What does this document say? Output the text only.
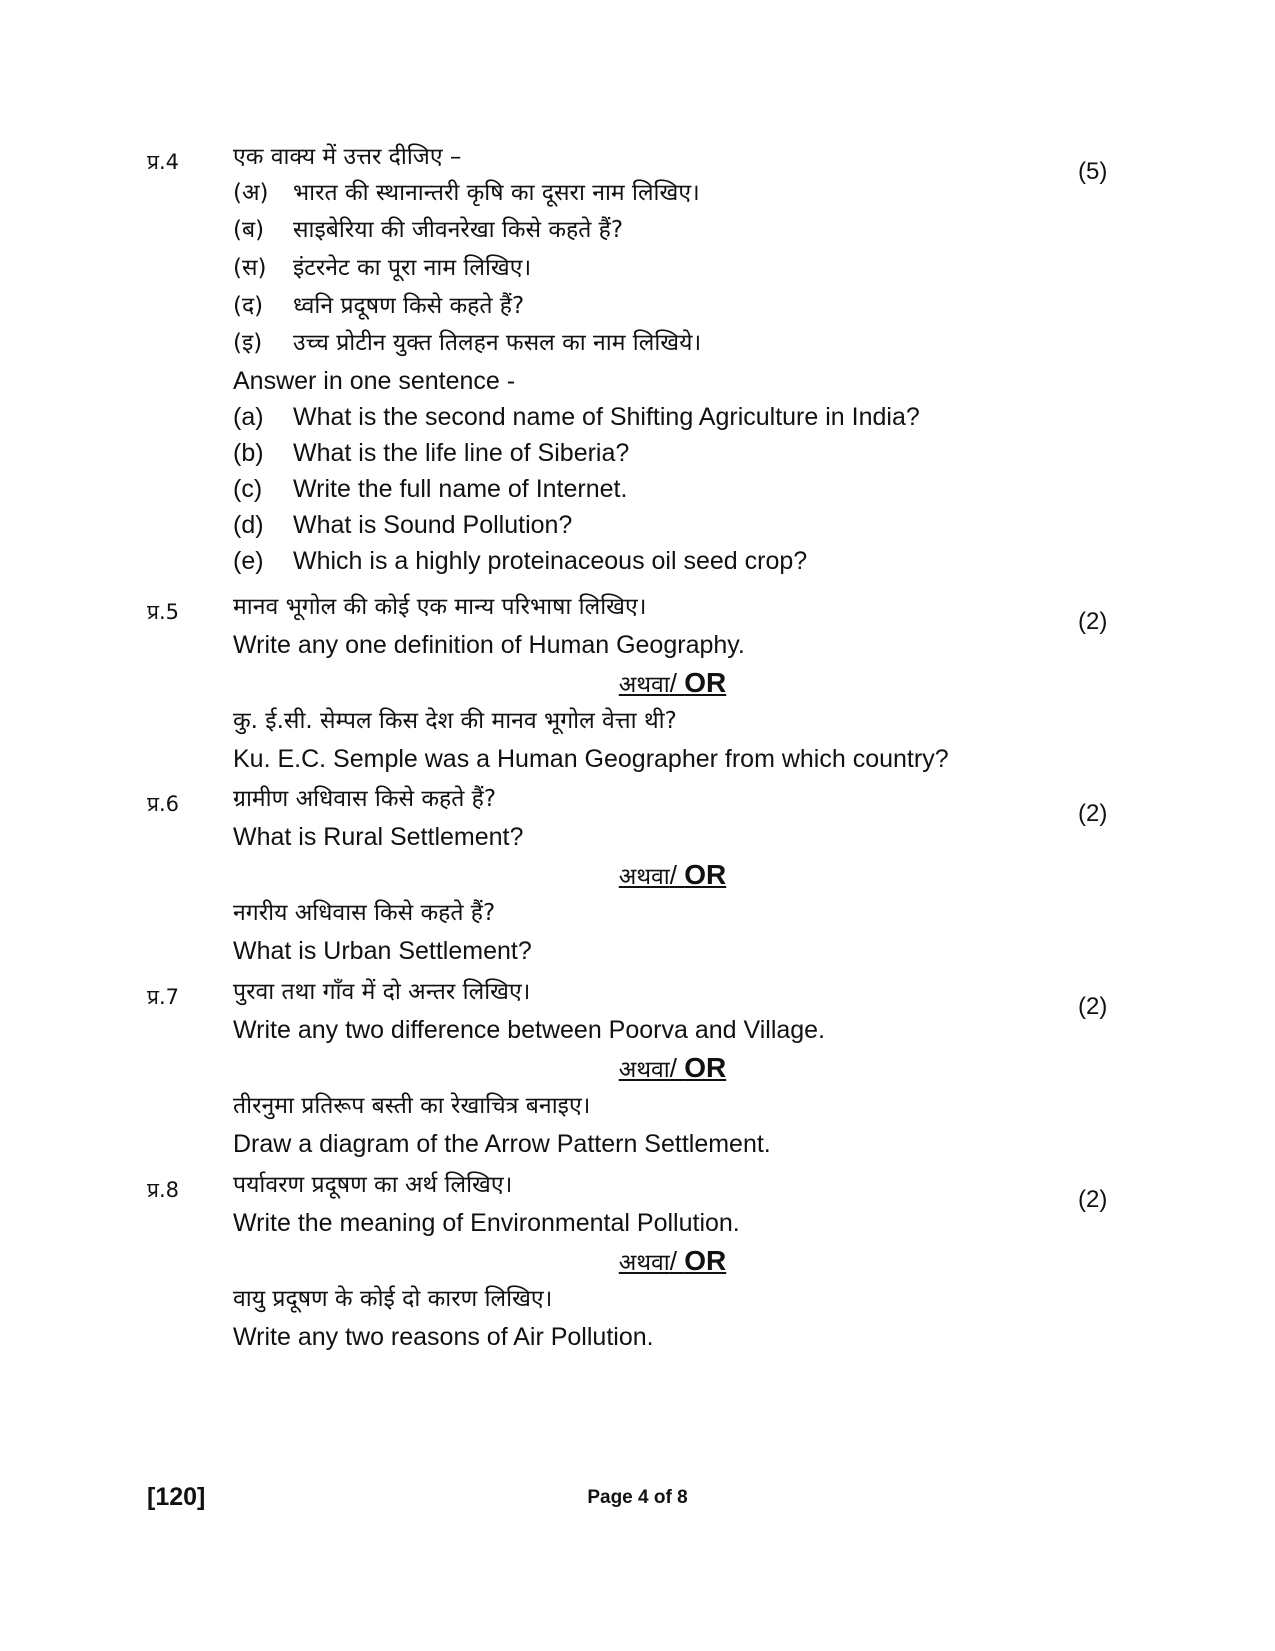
प्र.4	(5)
एक वाक्य में उत्तर दीजिए –
(अ) भारत की स्थानान्तरी कृषि का दूसरा नाम लिखिए।
(ब) साइबेरिया की जीवनरेखा किसे कहते हैं?
(स) इंटरनेट का पूरा नाम लिखिए।
(द) ध्वनि प्रदूषण किसे कहते हैं?
(इ) उच्च प्रोटीन युक्त तिलहन फसल का नाम लिखिये।
Answer in one sentence -
(a) What is the second name of Shifting Agriculture in India?
(b) What is the life line of Siberia?
(c) Write the full name of Internet.
(d) What is Sound Pollution?
(e) Which is a highly proteinaceous oil seed crop?
प्र.5	(2)
मानव भूगोल की कोई एक मान्य परिभाषा लिखिए।
Write any one definition of Human Geography.
अथवा/ OR
कु. ई.सी. सेम्पल किस देश की मानव भूगोल वेत्ता थी?
Ku. E.C. Semple was a Human Geographer from which country?
प्र.6	(2)
ग्रामीण अधिवास किसे कहते हैं?
What is Rural Settlement?
अथवा/ OR
नगरीय अधिवास किसे कहते हैं?
What is Urban Settlement?
प्र.7	(2)
पुरवा तथा गाँव में दो अन्तर लिखिए।
Write any two difference between Poorva and Village.
अथवा/ OR
तीरनुमा प्रतिरूप बस्ती का रेखाचित्र बनाइए।
Draw a diagram of the Arrow Pattern Settlement.
प्र.8	(2)
पर्यावरण प्रदूषण का अर्थ लिखिए।
Write the meaning of Environmental Pollution.
अथवा/ OR
वायु प्रदूषण के कोई दो कारण लिखिए।
Write any two reasons of Air Pollution.
[120]	Page 4 of 8
